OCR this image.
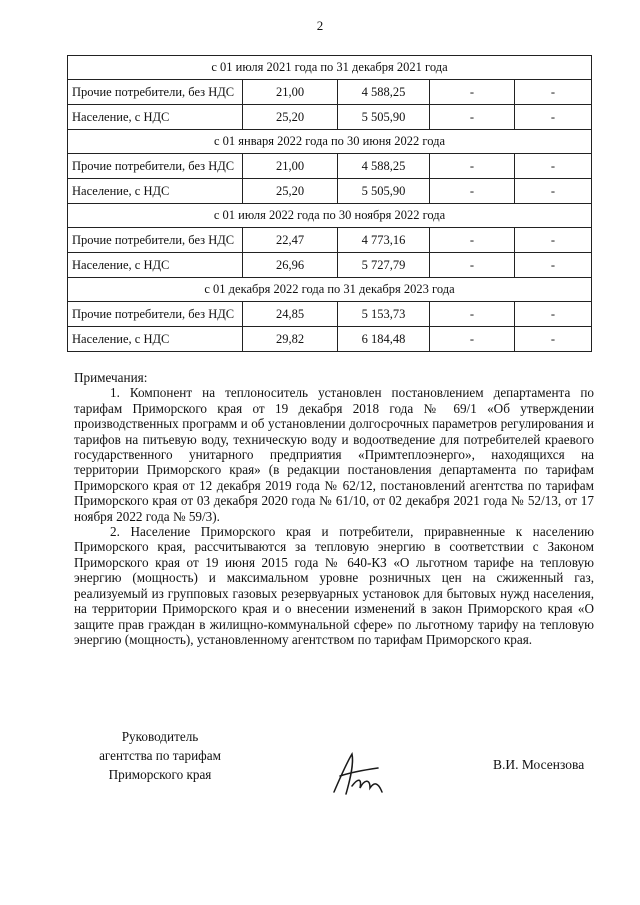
2
с 01 июля 2021 года по 31 декабря 2021 года				
Прочие потребители, без НДС	21,00	4 588,25	-	-
Население, с НДС	25,20	5 505,90	-	-
с 01 января 2022 года по 30 июня 2022 года				
Прочие потребители, без НДС	21,00	4 588,25	-	-
Население, с НДС	25,20	5 505,90	-	-
с 01 июля 2022 года по 30 ноября 2022 года				
Прочие потребители, без НДС	22,47	4 773,16	-	-
Население, с НДС	26,96	5 727,79	-	-
с 01 декабря 2022 года по 31 декабря 2023 года				
Прочие потребители, без НДС	24,85	5 153,73	-	-
Население, с НДС	29,82	6 184,48	-	-

Примечания:

1. Компонент на теплоноситель установлен постановлением департамента по тарифам Приморского края от 19 декабря 2018 года № 69/1 «Об утверждении производственных программ и об установлении долгосрочных параметров регулирования и тарифов на питьевую воду, техническую воду и водоотведение для потребителей краевого государственного унитарного предприятия «Примтеплоэнерго», находящихся на территории Приморского края» (в редакции постановления департамента по тарифам Приморского края от 12 декабря 2019 года № 62/12, постановлений агентства по тарифам Приморского края от 03 декабря 2020 года № 61/10, от 02 декабря 2021 года № 52/13, от 17 ноября 2022 года № 59/3).

2. Население Приморского края и потребители, приравненные к населению Приморского края, рассчитываются за тепловую энергию в соответствии с Законом Приморского края от 19 июня 2015 года № 640-КЗ «О льготном тарифе на тепловую энергию (мощность) и максимальном уровне розничных цен на сжиженный газ, реализуемый из групповых газовых резервуарных установок для бытовых нужд населения, на территории Приморского края и о внесении изменений в закон Приморского края «О защите прав граждан в жилищно-коммунальной сфере» по льготному тарифу на тепловую энергию (мощность), установленному агентством по тарифам Приморского края.

Руководитель
агентства по тарифам
Приморского края
В.И. Мосензова
